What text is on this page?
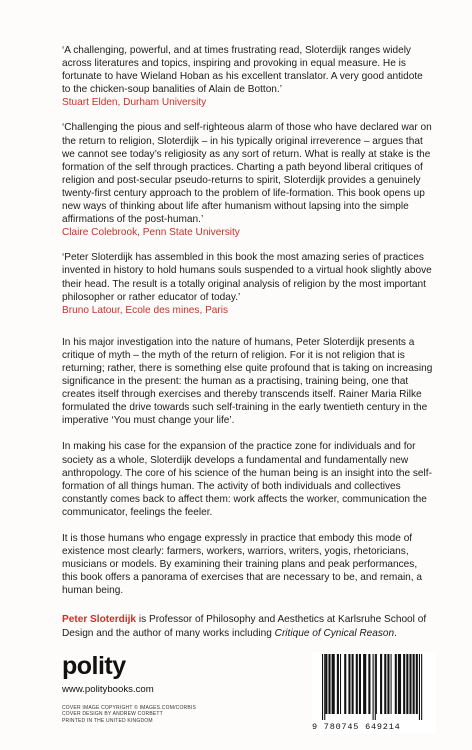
‘A challenging, powerful, and at times frustrating read, Sloterdijk ranges widely across literatures and topics, inspiring and provoking in equal measure. He is fortunate to have Wieland Hoban as his excellent translator. A very good antidote to the chicken-soup banalities of Alain de Botton.’

Stuart Elden, Durham University

‘Challenging the pious and self-righteous alarm of those who have declared war on the return to religion, Sloterdijk – in his typically original irreverence – argues that we cannot see today’s religiosity as any sort of return. What is really at stake is the formation of the self through practices. Charting a path beyond liberal critiques of religion and post-secular pseudo-returns to spirit, Sloterdijk provides a genuinely twenty-first century approach to the problem of life-formation. This book opens up new ways of thinking about life after humanism without lapsing into the simple affirmations of the post-human.’

Claire Colebrook, Penn State University

‘Peter Sloterdijk has assembled in this book the most amazing series of practices invented in history to hold humans souls suspended to a virtual hook slightly above their head. The result is a totally original analysis of religion by the most important philosopher or rather educator of today.’

Bruno Latour, Ecole des mines, Paris

In his major investigation into the nature of humans, Peter Sloterdijk presents a critique of myth – the myth of the return of religion. For it is not religion that is returning; rather, there is something else quite profound that is taking on increasing significance in the present: the human as a practising, training being, one that creates itself through exercises and thereby transcends itself. Rainer Maria Rilke formulated the drive towards such self-training in the early twentieth century in the imperative ‘You must change your life’.

In making his case for the expansion of the practice zone for individuals and for society as a whole, Sloterdijk develops a fundamental and fundamentally new anthropology. The core of his science of the human being is an insight into the self-formation of all things human. The activity of both individuals and collectives constantly comes back to affect them: work affects the worker, communication the communicator, feelings the feeler.

It is those humans who engage expressly in practice that embody this mode of existence most clearly: farmers, workers, warriors, writers, yogis, rhetoricians, musicians or models. By examining their training plans and peak performances, this book offers a panorama of exercises that are necessary to be, and remain, a human being.

Peter Sloterdijk is Professor of Philosophy and Aesthetics at Karlsruhe School of Design and the author of many works including Critique of Cynical Reason.

polity
www.politybooks.com
COVER IMAGE COPYRIGHT © IMAGES.COM/CORBIS
COVER DESIGN BY ANDREW CORBETT
PRINTED IN THE UNITED KINGDOM
9 780745 649214
